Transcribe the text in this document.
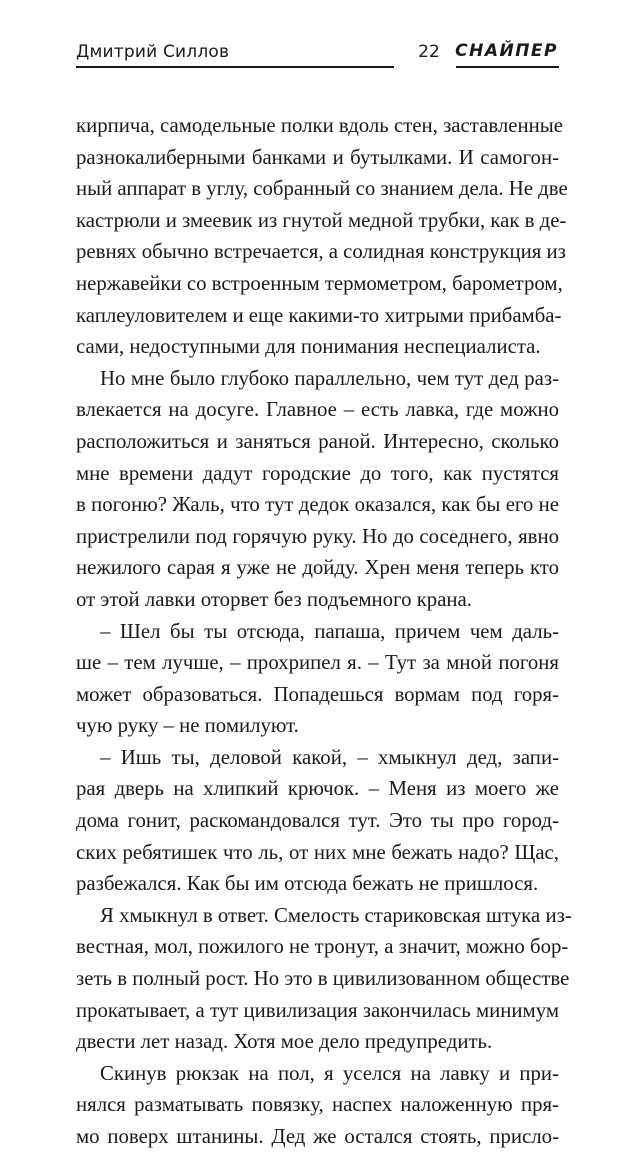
Дмитрий Силлов	22 СНАЙПЕР
кирпича, самодельные полки вдоль стен, заставленные
разнокалиберными банками и бутылками. И самогон-
ный аппарат в углу, собранный со знанием дела. Не две
кастрюли и змеевик из гнутой медной трубки, как в де-
ревнях обычно встречается, а солидная конструкция из
нержавейки со встроенным термометром, барометром,
каплеуловителем и еще какими-то хитрыми прибамба-
сами, недоступными для понимания неспециалиста.
Но мне было глубоко параллельно, чем тут дед раз-
влекается на досуге. Главное – есть лавка, где можно
расположиться и заняться раной. Интересно, сколько
мне времени дадут городские до того, как пустятся
в погоню? Жаль, что тут дедок оказался, как бы его не
пристрелили под горячую руку. Но до соседнего, явно
нежилого сарая я уже не дойду. Хрен меня теперь кто
от этой лавки оторвет без подъемного крана.
– Шел бы ты отсюда, папаша, причем чем даль-
ше – тем лучше, – прохрипел я. – Тут за мной погоня
может образоваться. Попадешься вормам под горя-
чую руку – не помилуют.
– Ишь ты, деловой какой, – хмыкнул дед, запи-
рая дверь на хлипкий крючок. – Меня из моего же
дома гонит, раскомандовался тут. Это ты про город-
ских ребятишек что ль, от них мне бежать надо? Щас,
разбежался. Как бы им отсюда бежать не пришлося.
Я хмыкнул в ответ. Смелость стариковская штука из-
вестная, мол, пожилого не тронут, а значит, можно бор-
зеть в полный рост. Но это в цивилизованном обществе
прокатывает, а тут цивилизация закончилась минимум
двести лет назад. Хотя мое дело предупредить.
Скинув рюкзак на пол, я уселся на лавку и при-
нялся разматывать повязку, наспех наложенную пря-
мо поверх штанины. Дед же остался стоять, присло-
